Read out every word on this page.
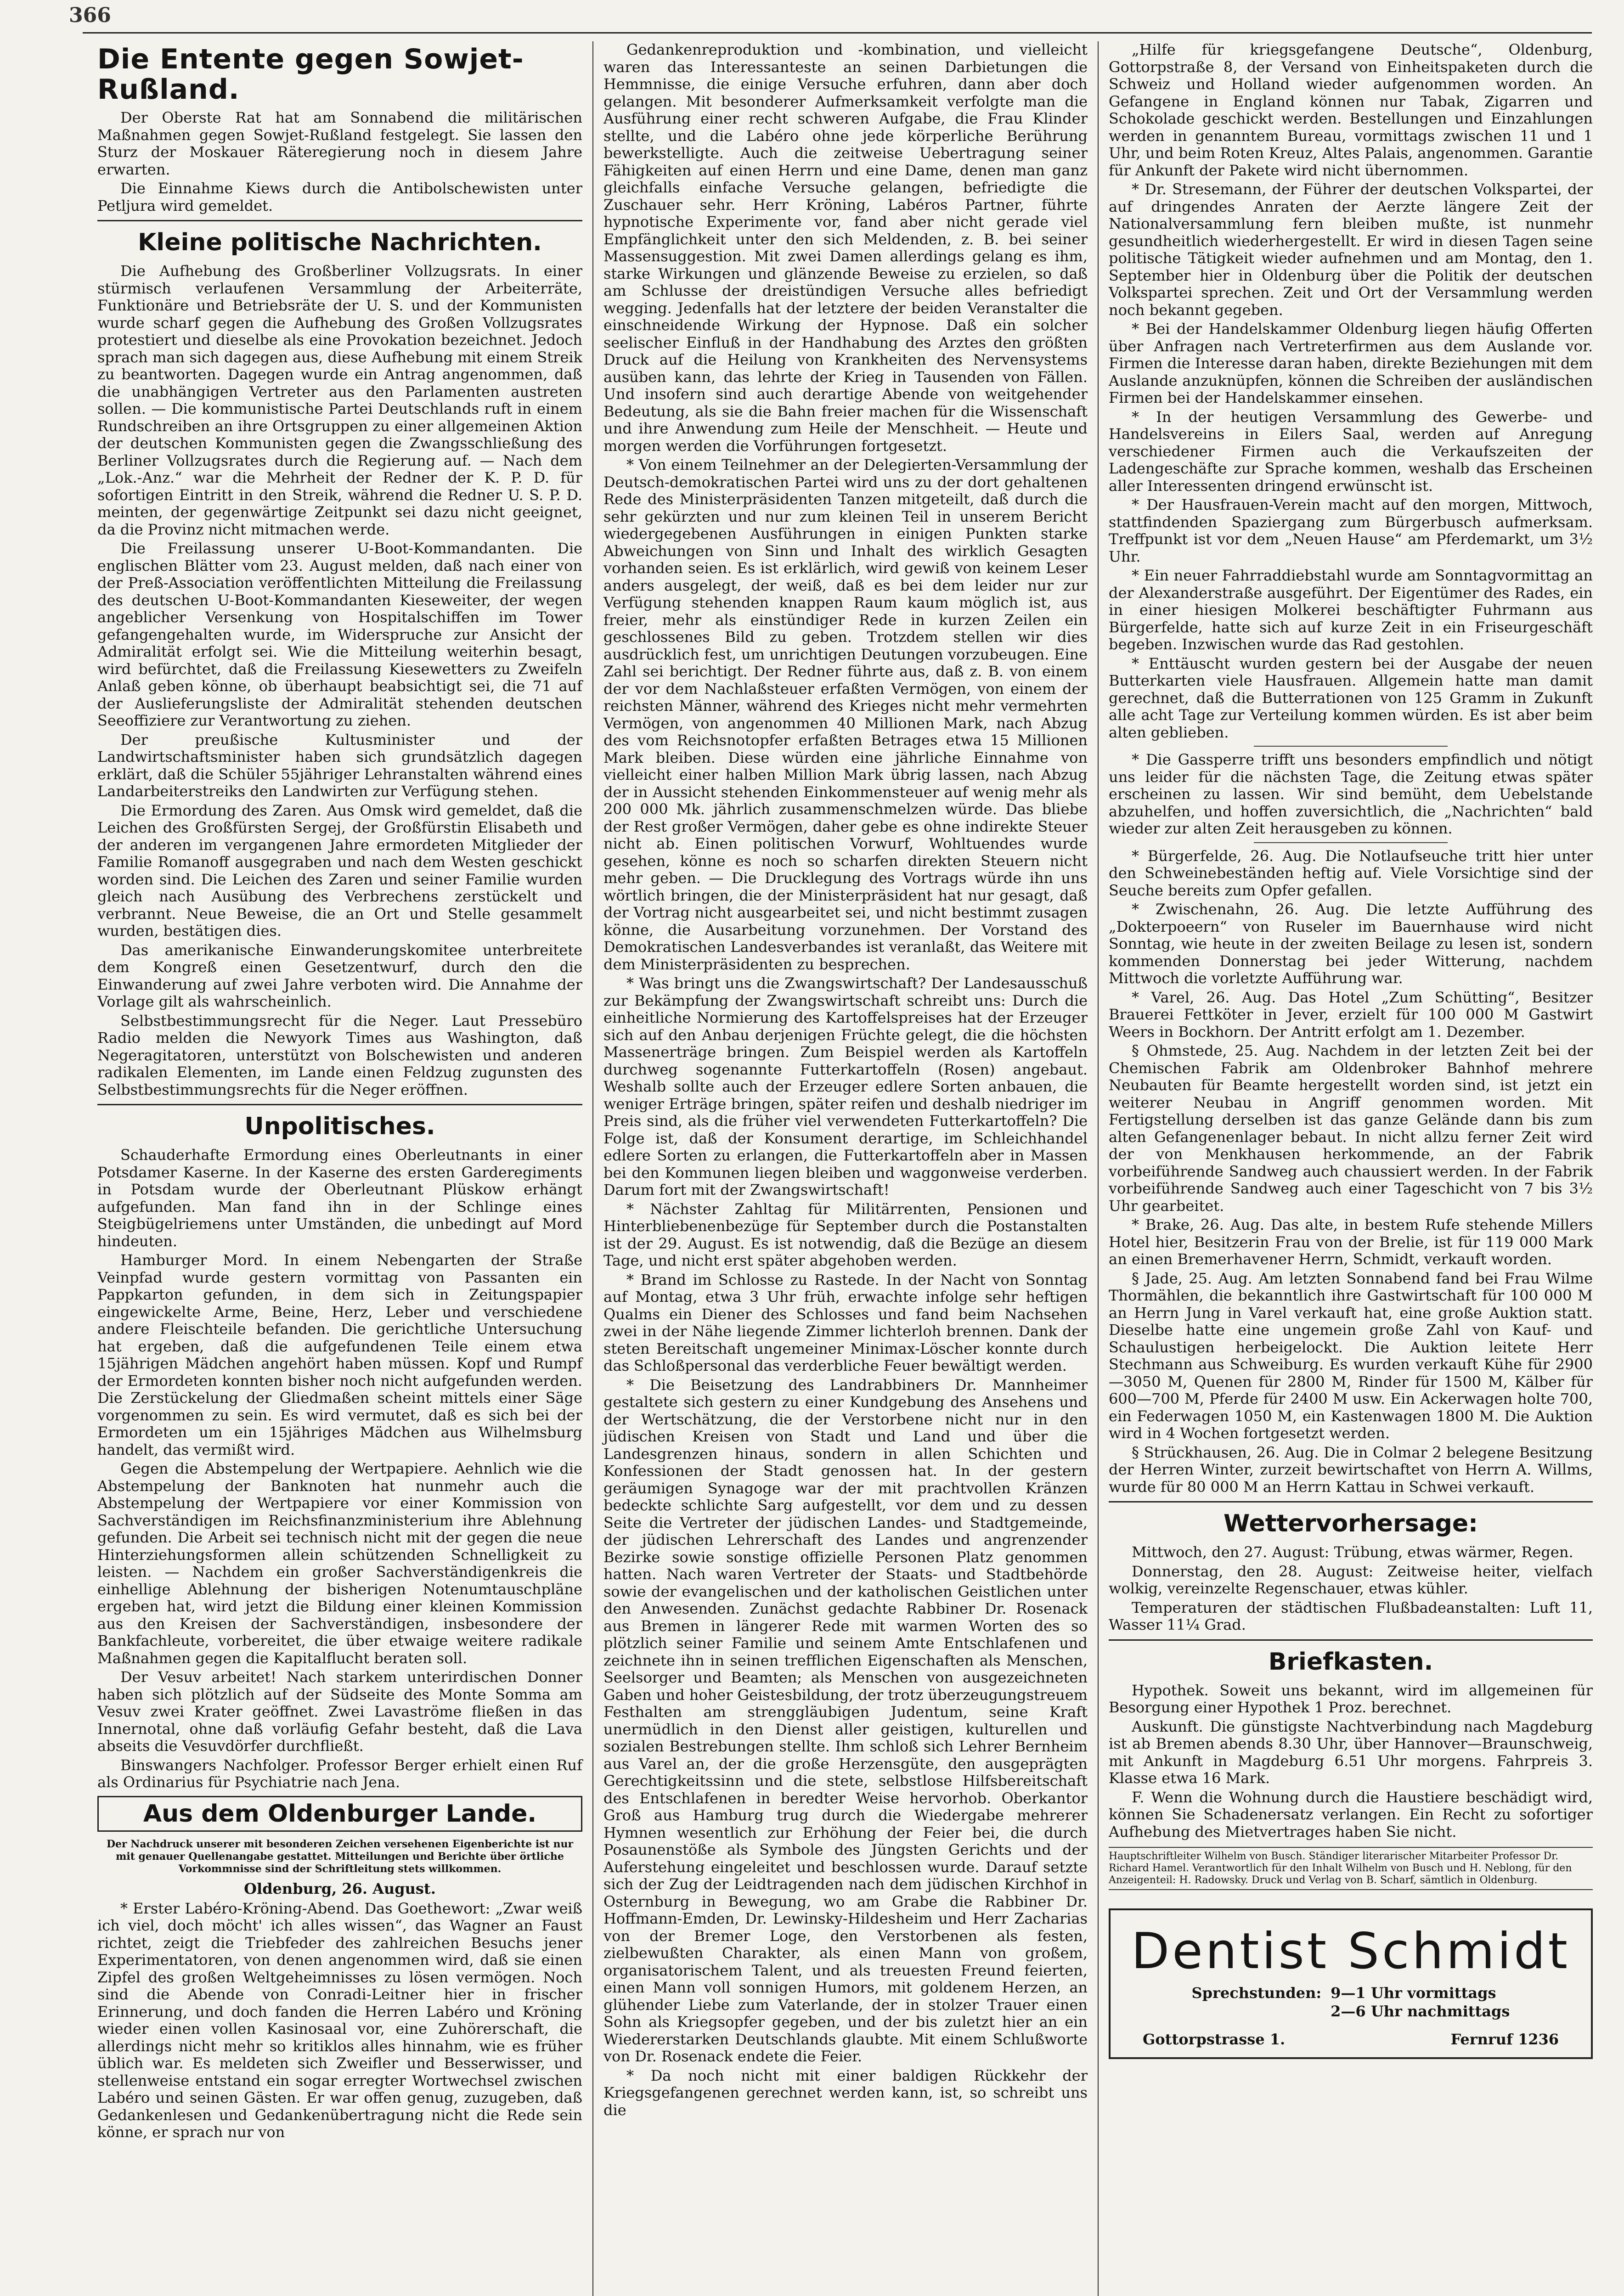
366
Die Entente gegen Sowjet-Rußland.

Der Oberste Rat hat am Sonnabend die militärischen Maßnahmen gegen Sowjet-Rußland festgelegt. Sie lassen den Sturz der Moskauer Räteregierung noch in diesem Jahre erwarten.

Die Einnahme Kiews durch die Antibolschewisten unter Petljura wird gemeldet.

Kleine politische Nachrichten.

Die Aufhebung des Großberliner Vollzugsrats. In einer stürmisch verlaufenen Versammlung der Arbeiterräte, Funktionäre und Betriebsräte der U. S. und der Kommunisten wurde scharf gegen die Aufhebung des Großen Vollzugsrates protestiert und dieselbe als eine Provokation bezeichnet. Jedoch sprach man sich dagegen aus, diese Aufhebung mit einem Streik zu beantworten. Dagegen wurde ein Antrag angenommen, daß die unabhängigen Vertreter aus den Parlamenten austreten sollen. — Die kommunistische Partei Deutschlands ruft in einem Rundschreiben an ihre Ortsgruppen zu einer allgemeinen Aktion der deutschen Kommunisten gegen die Zwangsschließung des Berliner Vollzugsrates durch die Regierung auf. — Nach dem „Lok.-Anz.“ war die Mehrheit der Redner der K. P. D. für sofortigen Eintritt in den Streik, während die Redner U. S. P. D. meinten, der gegenwärtige Zeitpunkt sei dazu nicht geeignet, da die Provinz nicht mitmachen werde.

Die Freilassung unserer U-Boot-Kommandanten. Die englischen Blätter vom 23. August melden, daß nach einer von der Preß-Association veröffentlichten Mitteilung die Freilassung des deutschen U-Boot-Kommandanten Kieseweiter, der wegen angeblicher Versenkung von Hospitalschiffen im Tower gefangengehalten wurde, im Widerspruche zur Ansicht der Admiralität erfolgt sei. Wie die Mitteilung weiterhin besagt, wird befürchtet, daß die Freilassung Kiesewetters zu Zweifeln Anlaß geben könne, ob überhaupt beabsichtigt sei, die 71 auf der Auslieferungsliste der Admiralität stehenden deutschen Seeoffiziere zur Verantwortung zu ziehen.

Der preußische Kultusminister und der Landwirtschaftsminister haben sich grundsätzlich dagegen erklärt, daß die Schüler 55jähriger Lehranstalten während eines Landarbeiterstreiks den Landwirten zur Verfügung stehen.

Die Ermordung des Zaren. Aus Omsk wird gemeldet, daß die Leichen des Großfürsten Sergej, der Großfürstin Elisabeth und der anderen im vergangenen Jahre ermordeten Mitglieder der Familie Romanoff ausgegraben und nach dem Westen geschickt worden sind. Die Leichen des Zaren und seiner Familie wurden gleich nach Ausübung des Verbrechens zerstückelt und verbrannt. Neue Beweise, die an Ort und Stelle gesammelt wurden, bestätigen dies.

Das amerikanische Einwanderungskomitee unterbreitete dem Kongreß einen Gesetzentwurf, durch den die Einwanderung auf zwei Jahre verboten wird. Die Annahme der Vorlage gilt als wahrscheinlich.

Selbstbestimmungsrecht für die Neger. Laut Pressebüro Radio melden die Newyork Times aus Washington, daß Negeragitatoren, unterstützt von Bolschewisten und anderen radikalen Elementen, im Lande einen Feldzug zugunsten des Selbstbestimmungsrechts für die Neger eröffnen.

Unpolitisches.

Schauderhafte Ermordung eines Oberleutnants in einer Potsdamer Kaserne. In der Kaserne des ersten Garderegiments in Potsdam wurde der Oberleutnant Plüskow erhängt aufgefunden. Man fand ihn in der Schlinge eines Steigbügelriemens unter Umständen, die unbedingt auf Mord hindeuten.

Hamburger Mord. In einem Nebengarten der Straße Veinpfad wurde gestern vormittag von Passanten ein Pappkarton gefunden, in dem sich in Zeitungspapier eingewickelte Arme, Beine, Herz, Leber und verschiedene andere Fleischteile befanden. Die gerichtliche Untersuchung hat ergeben, daß die aufgefundenen Teile einem etwa 15jährigen Mädchen angehört haben müssen. Kopf und Rumpf der Ermordeten konnten bisher noch nicht aufgefunden werden. Die Zerstückelung der Gliedmaßen scheint mittels einer Säge vorgenommen zu sein. Es wird vermutet, daß es sich bei der Ermordeten um ein 15jähriges Mädchen aus Wilhelmsburg handelt, das vermißt wird.

Gegen die Abstempelung der Wertpapiere. Aehnlich wie die Abstempelung der Banknoten hat nunmehr auch die Abstempelung der Wertpapiere vor einer Kommission von Sachverständigen im Reichsfinanzministerium ihre Ablehnung gefunden. Die Arbeit sei technisch nicht mit der gegen die neue Hinterziehungsformen allein schützenden Schnelligkeit zu leisten. — Nachdem ein großer Sachverständigenkreis die einhellige Ablehnung der bisherigen Notenumtauschpläne ergeben hat, wird jetzt die Bildung einer kleinen Kommission aus den Kreisen der Sachverständigen, insbesondere der Bankfachleute, vorbereitet, die über etwaige weitere radikale Maßnahmen gegen die Kapitalflucht beraten soll.

Der Vesuv arbeitet! Nach starkem unterirdischen Donner haben sich plötzlich auf der Südseite des Monte Somma am Vesuv zwei Krater geöffnet. Zwei Lavaströme fließen in das Innernotal, ohne daß vorläufig Gefahr besteht, daß die Lava abseits die Vesuvdörfer durchfließt.

Binswangers Nachfolger. Professor Berger erhielt einen Ruf als Ordinarius für Psychiatrie nach Jena.

Aus dem Oldenburger Lande.
Der Nachdruck unserer mit besonderen Zeichen versehenen Eigenberichte ist nur mit genauer Quellenangabe gestattet. Mitteilungen und Berichte über örtliche Vorkommnisse sind der Schriftleitung stets willkommen.
Oldenburg, 26. August.

* Erster Labéro-Kröning-Abend. Das Goethewort: „Zwar weiß ich viel, doch möcht' ich alles wissen“, das Wagner an Faust richtet, zeigt die Triebfeder des zahlreichen Besuchs jener Experimentatoren, von denen angenommen wird, daß sie einen Zipfel des großen Weltgeheimnisses zu lösen vermögen. Noch sind die Abende von Conradi-Leitner hier in frischer Erinnerung, und doch fanden die Herren Labéro und Kröning wieder einen vollen Kasinosaal vor, eine Zuhörerschaft, die allerdings nicht mehr so kritiklos alles hinnahm, wie es früher üblich war. Es meldeten sich Zweifler und Besserwisser, und stellenweise entstand ein sogar erregter Wortwechsel zwischen Labéro und seinen Gästen. Er war offen genug, zuzugeben, daß Gedankenlesen und Gedankenübertragung nicht die Rede sein könne, er sprach nur von

Gedankenreproduktion und -kombination, und vielleicht waren das Interessanteste an seinen Darbietungen die Hemmnisse, die einige Versuche erfuhren, dann aber doch gelangen. Mit besonderer Aufmerksamkeit verfolgte man die Ausführung einer recht schweren Aufgabe, die Frau Klinder stellte, und die Labéro ohne jede körperliche Berührung bewerkstelligte. Auch die zeitweise Uebertragung seiner Fähigkeiten auf einen Herrn und eine Dame, denen man ganz gleichfalls einfache Versuche gelangen, befriedigte die Zuschauer sehr. Herr Kröning, Labéros Partner, führte hypnotische Experimente vor, fand aber nicht gerade viel Empfänglichkeit unter den sich Meldenden, z. B. bei seiner Massensuggestion. Mit zwei Damen allerdings gelang es ihm, starke Wirkungen und glänzende Beweise zu erzielen, so daß am Schlusse der dreistündigen Versuche alles befriedigt wegging. Jedenfalls hat der letztere der beiden Veranstalter die einschneidende Wirkung der Hypnose. Daß ein solcher seelischer Einfluß in der Handhabung des Arztes den größten Druck auf die Heilung von Krankheiten des Nervensystems ausüben kann, das lehrte der Krieg in Tausenden von Fällen. Und insofern sind auch derartige Abende von weitgehender Bedeutung, als sie die Bahn freier machen für die Wissenschaft und ihre Anwendung zum Heile der Menschheit. — Heute und morgen werden die Vorführungen fortgesetzt.

* Von einem Teilnehmer an der Delegierten-Versammlung der Deutsch-demokratischen Partei wird uns zu der dort gehaltenen Rede des Ministerpräsidenten Tanzen mitgeteilt, daß durch die sehr gekürzten und nur zum kleinen Teil in unserem Bericht wiedergegebenen Ausführungen in einigen Punkten starke Abweichungen von Sinn und Inhalt des wirklich Gesagten vorhanden seien. Es ist erklärlich, wird gewiß von keinem Leser anders ausgelegt, der weiß, daß es bei dem leider nur zur Verfügung stehenden knappen Raum kaum möglich ist, aus freier, mehr als einstündiger Rede in kurzen Zeilen ein geschlossenes Bild zu geben. Trotzdem stellen wir dies ausdrücklich fest, um unrichtigen Deutungen vorzubeugen. Eine Zahl sei berichtigt. Der Redner führte aus, daß z. B. von einem der vor dem Nachlaßsteuer erfaßten Vermögen, von einem der reichsten Männer, während des Krieges nicht mehr vermehrten Vermögen, von angenommen 40 Millionen Mark, nach Abzug des vom Reichsnotopfer erfaßten Betrages etwa 15 Millionen Mark bleiben. Diese würden eine jährliche Einnahme von vielleicht einer halben Million Mark übrig lassen, nach Abzug der in Aussicht stehenden Einkommensteuer auf wenig mehr als 200 000 Mk. jährlich zusammenschmelzen würde. Das bliebe der Rest großer Vermögen, daher gebe es ohne indirekte Steuer nicht ab. Einen politischen Vorwurf, Wohltuendes wurde gesehen, könne es noch so scharfen direkten Steuern nicht mehr geben. — Die Drucklegung des Vortrags würde ihn uns wörtlich bringen, die der Ministerpräsident hat nur gesagt, daß der Vortrag nicht ausgearbeitet sei, und nicht bestimmt zusagen könne, die Ausarbeitung vorzunehmen. Der Vorstand des Demokratischen Landesverbandes ist veranlaßt, das Weitere mit dem Ministerpräsidenten zu besprechen.

* Was bringt uns die Zwangswirtschaft? Der Landesausschuß zur Bekämpfung der Zwangswirtschaft schreibt uns: Durch die einheitliche Normierung des Kartoffelspreises hat der Erzeuger sich auf den Anbau derjenigen Früchte gelegt, die die höchsten Massenerträge bringen. Zum Beispiel werden als Kartoffeln durchweg sogenannte Futterkartoffeln (Rosen) angebaut. Weshalb sollte auch der Erzeuger edlere Sorten anbauen, die weniger Erträge bringen, später reifen und deshalb niedriger im Preis sind, als die früher viel verwendeten Futterkartoffeln? Die Folge ist, daß der Konsument derartige, im Schleichhandel edlere Sorten zu erlangen, die Futterkartoffeln aber in Massen bei den Kommunen liegen bleiben und waggonweise verderben. Darum fort mit der Zwangswirtschaft!

* Nächster Zahltag für Militärrenten, Pensionen und Hinterbliebenenbezüge für September durch die Postanstalten ist der 29. August. Es ist notwendig, daß die Bezüge an diesem Tage, und nicht erst später abgehoben werden.

* Brand im Schlosse zu Rastede. In der Nacht von Sonntag auf Montag, etwa 3 Uhr früh, erwachte infolge sehr heftigen Qualms ein Diener des Schlosses und fand beim Nachsehen zwei in der Nähe liegende Zimmer lichterloh brennen. Dank der steten Bereitschaft ungemeiner Minimax-Löscher konnte durch das Schloßpersonal das verderbliche Feuer bewältigt werden.

* Die Beisetzung des Landrabbiners Dr. Mannheimer gestaltete sich gestern zu einer Kundgebung des Ansehens und der Wertschätzung, die der Verstorbene nicht nur in den jüdischen Kreisen von Stadt und Land und über die Landesgrenzen hinaus, sondern in allen Schichten und Konfessionen der Stadt genossen hat. In der gestern geräumigen Synagoge war der mit prachtvollen Kränzen bedeckte schlichte Sarg aufgestellt, vor dem und zu dessen Seite die Vertreter der jüdischen Landes- und Stadtgemeinde, der jüdischen Lehrerschaft des Landes und angrenzender Bezirke sowie sonstige offizielle Personen Platz genommen hatten. Nach waren Vertreter der Staats- und Stadtbehörde sowie der evangelischen und der katholischen Geistlichen unter den Anwesenden. Zunächst gedachte Rabbiner Dr. Rosenack aus Bremen in längerer Rede mit warmen Worten des so plötzlich seiner Familie und seinem Amte Entschlafenen und zeichnete ihn in seinen trefflichen Eigenschaften als Menschen, Seelsorger und Beamten; als Menschen von ausgezeichneten Gaben und hoher Geistesbildung, der trotz überzeugungstreuem Festhalten am strenggläubigen Judentum, seine Kraft unermüdlich in den Dienst aller geistigen, kulturellen und sozialen Bestrebungen stellte. Ihm schloß sich Lehrer Bernheim aus Varel an, der die große Herzensgüte, den ausgeprägten Gerechtigkeitssinn und die stete, selbstlose Hilfsbereitschaft des Entschlafenen in beredter Weise hervorhob. Oberkantor Groß aus Hamburg trug durch die Wiedergabe mehrerer Hymnen wesentlich zur Erhöhung der Feier bei, die durch Posaunenstöße als Symbole des Jüngsten Gerichts und der Auferstehung eingeleitet und beschlossen wurde. Darauf setzte sich der Zug der Leidtragenden nach dem jüdischen Kirchhof in Osternburg in Bewegung, wo am Grabe die Rabbiner Dr. Hoffmann-Emden, Dr. Lewinsky-Hildesheim und Herr Zacharias von der Bremer Loge, den Verstorbenen als festen, zielbewußten Charakter, als einen Mann von großem, organisatorischem Talent, und als treuesten Freund feierten, einen Mann voll sonnigen Humors, mit goldenem Herzen, an glühender Liebe zum Vaterlande, der in stolzer Trauer einen Sohn als Kriegsopfer gegeben, und der bis zuletzt hier an ein Wiedererstarken Deutschlands glaubte. Mit einem Schlußworte von Dr. Rosenack endete die Feier.

* Da noch nicht mit einer baldigen Rückkehr der Kriegsgefangenen gerechnet werden kann, ist, so schreibt uns die

„Hilfe für kriegsgefangene Deutsche“, Oldenburg, Gottorpstraße 8, der Versand von Einheitspaketen durch die Schweiz und Holland wieder aufgenommen worden. An Gefangene in England können nur Tabak, Zigarren und Schokolade geschickt werden. Bestellungen und Einzahlungen werden in genanntem Bureau, vormittags zwischen 11 und 1 Uhr, und beim Roten Kreuz, Altes Palais, angenommen. Garantie für Ankunft der Pakete wird nicht übernommen.

* Dr. Stresemann, der Führer der deutschen Volkspartei, der auf dringendes Anraten der Aerzte längere Zeit der Nationalversammlung fern bleiben mußte, ist nunmehr gesundheitlich wiederhergestellt. Er wird in diesen Tagen seine politische Tätigkeit wieder aufnehmen und am Montag, den 1. September hier in Oldenburg über die Politik der deutschen Volkspartei sprechen. Zeit und Ort der Versammlung werden noch bekannt gegeben.

* Bei der Handelskammer Oldenburg liegen häufig Offerten über Anfragen nach Vertreterfirmen aus dem Auslande vor. Firmen die Interesse daran haben, direkte Beziehungen mit dem Auslande anzuknüpfen, können die Schreiben der ausländischen Firmen bei der Handelskammer einsehen.

* In der heutigen Versammlung des Gewerbe- und Handelsvereins in Eilers Saal, werden auf Anregung verschiedener Firmen auch die Verkaufszeiten der Ladengeschäfte zur Sprache kommen, weshalb das Erscheinen aller Interessenten dringend erwünscht ist.

* Der Hausfrauen-Verein macht auf den morgen, Mittwoch, stattfindenden Spaziergang zum Bürgerbusch aufmerksam. Treffpunkt ist vor dem „Neuen Hause“ am Pferdemarkt, um 3½ Uhr.

* Ein neuer Fahrraddiebstahl wurde am Sonntagvormittag an der Alexanderstraße ausgeführt. Der Eigentümer des Rades, ein in einer hiesigen Molkerei beschäftigter Fuhrmann aus Bürgerfelde, hatte sich auf kurze Zeit in ein Friseurgeschäft begeben. Inzwischen wurde das Rad gestohlen.

* Enttäuscht wurden gestern bei der Ausgabe der neuen Butterkarten viele Hausfrauen. Allgemein hatte man damit gerechnet, daß die Butterrationen von 125 Gramm in Zukunft alle acht Tage zur Verteilung kommen würden. Es ist aber beim alten geblieben.

* Die Gassperre trifft uns besonders empfindlich und nötigt uns leider für die nächsten Tage, die Zeitung etwas später erscheinen zu lassen. Wir sind bemüht, dem Uebelstande abzuhelfen, und hoffen zuversichtlich, die „Nachrichten“ bald wieder zur alten Zeit herausgeben zu können.

* Bürgerfelde, 26. Aug. Die Notlaufseuche tritt hier unter den Schweinebeständen heftig auf. Viele Vorsichtige sind der Seuche bereits zum Opfer gefallen.

* Zwischenahn, 26. Aug. Die letzte Aufführung des „Dokterpoeern“ von Ruseler im Bauernhause wird nicht Sonntag, wie heute in der zweiten Beilage zu lesen ist, sondern kommenden Donnerstag bei jeder Witterung, nachdem Mittwoch die vorletzte Aufführung war.

* Varel, 26. Aug. Das Hotel „Zum Schütting“, Besitzer Brauerei Fettköter in Jever, erzielt für 100 000 M Gastwirt Weers in Bockhorn. Der Antritt erfolgt am 1. Dezember.

§ Ohmstede, 25. Aug. Nachdem in der letzten Zeit bei der Chemischen Fabrik am Oldenbroker Bahnhof mehrere Neubauten für Beamte hergestellt worden sind, ist jetzt ein weiterer Neubau in Angriff genommen worden. Mit Fertigstellung derselben ist das ganze Gelände dann bis zum alten Gefangenenlager bebaut. In nicht allzu ferner Zeit wird der von Menkhausen herkommende, an der Fabrik vorbeiführende Sandweg auch chaussiert werden. In der Fabrik vorbeiführende Sandweg auch einer Tageschicht von 7 bis 3½ Uhr gearbeitet.

* Brake, 26. Aug. Das alte, in bestem Rufe stehende Millers Hotel hier, Besitzerin Frau von der Brelie, ist für 119 000 Mark an einen Bremerhavener Herrn, Schmidt, verkauft worden.

§ Jade, 25. Aug. Am letzten Sonnabend fand bei Frau Wilme Thormählen, die bekanntlich ihre Gastwirtschaft für 100 000 M an Herrn Jung in Varel verkauft hat, eine große Auktion statt. Dieselbe hatte eine ungemein große Zahl von Kauf- und Schaulustigen herbeigelockt. Die Auktion leitete Herr Stechmann aus Schweiburg. Es wurden verkauft Kühe für 2900—3050 M, Quenen für 2800 M, Rinder für 1500 M, Kälber für 600—700 M, Pferde für 2400 M usw. Ein Ackerwagen holte 700, ein Federwagen 1050 M, ein Kastenwagen 1800 M. Die Auktion wird in 4 Wochen fortgesetzt werden.

§ Strückhausen, 26. Aug. Die in Colmar 2 belegene Besitzung der Herren Winter, zurzeit bewirtschaftet von Herrn A. Willms, wurde für 80 000 M an Herrn Kattau in Schwei verkauft.

Wettervorhersage:

Mittwoch, den 27. August: Trübung, etwas wärmer, Regen.

Donnerstag, den 28. August: Zeitweise heiter, vielfach wolkig, vereinzelte Regenschauer, etwas kühler.

Temperaturen der städtischen Flußbadeanstalten: Luft 11, Wasser 11¼ Grad.

Briefkasten.

Hypothek. Soweit uns bekannt, wird im allgemeinen für Besorgung einer Hypothek 1 Proz. berechnet.

Auskunft. Die günstigste Nachtverbindung nach Magdeburg ist ab Bremen abends 8.30 Uhr, über Hannover—Braunschweig, mit Ankunft in Magdeburg 6.51 Uhr morgens. Fahrpreis 3. Klasse etwa 16 Mark.

F. Wenn die Wohnung durch die Haustiere beschädigt wird, können Sie Schadenersatz verlangen. Ein Recht zu sofortiger Aufhebung des Mietvertrages haben Sie nicht.

Hauptschriftleiter Wilhelm von Busch. Ständiger literarischer Mitarbeiter Professor Dr. Richard Hamel. Verantwortlich für den Inhalt Wilhelm von Busch und H. Neblong, für den Anzeigenteil: H. Radowsky. Druck und Verlag von B. Scharf, sämtlich in Oldenburg.
Dentist Schmidt
Sprechstunden: 9—1 Uhr vormittags
2—6 Uhr nachmittags
Gottorpstrasse 1.	Fernruf 1236
